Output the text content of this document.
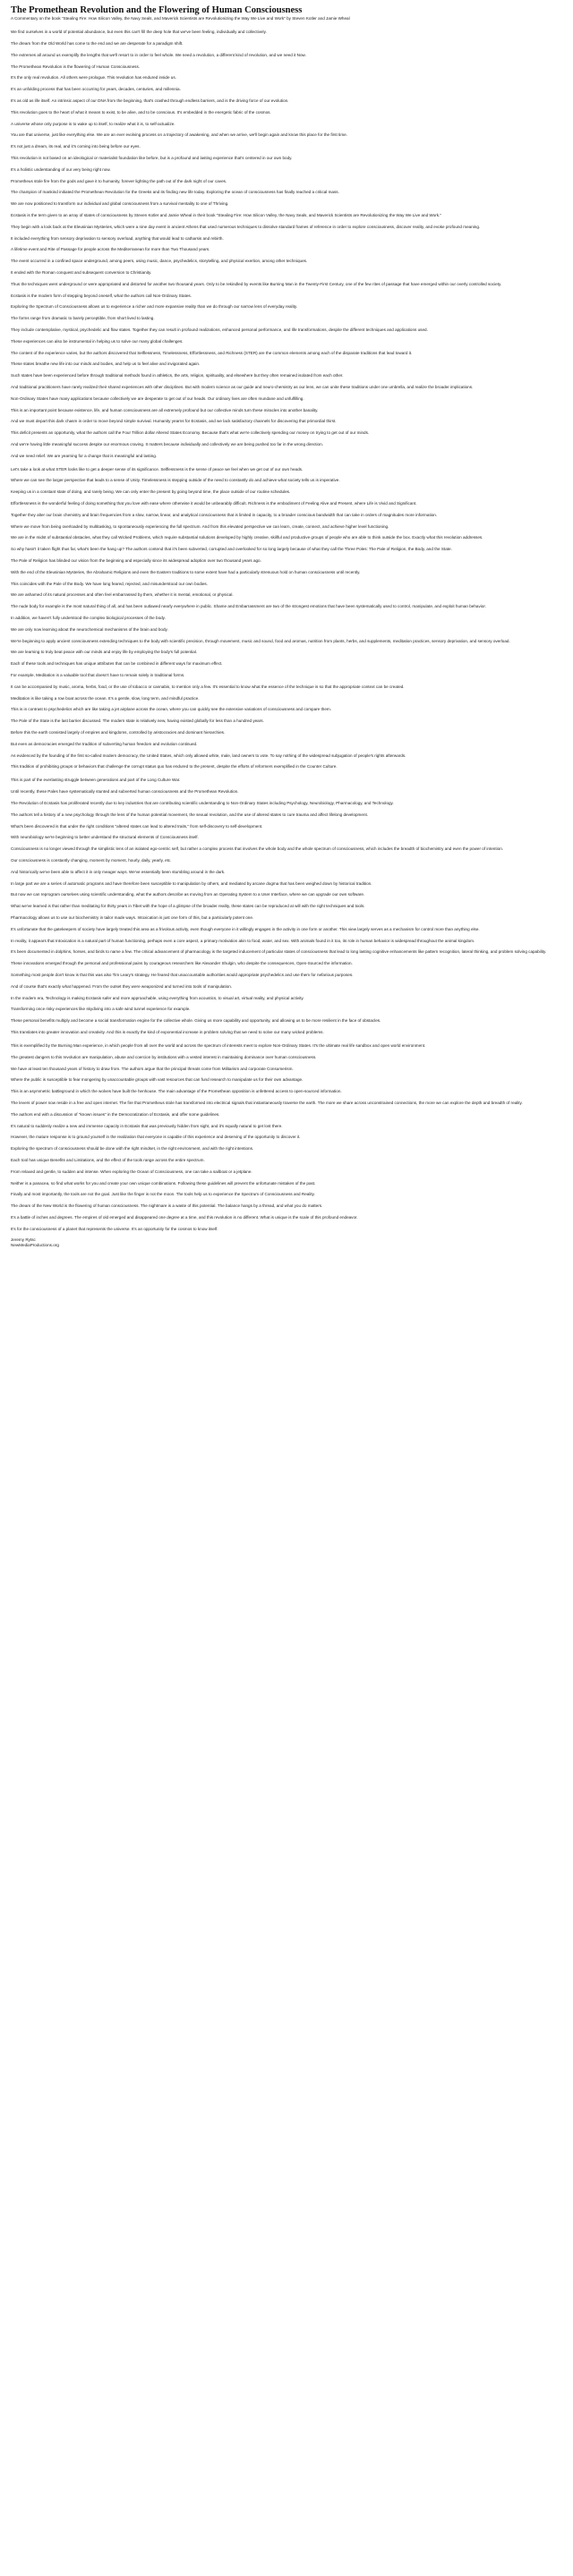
The Promethean Revolution and the Flowering of Human Consciousness
A Commentary on the book "Stealing Fire: How Silicon Valley, the Navy Seals, and Maverick Scientists are Revolutionizing the Way We Live and Work" by Steven Kotler and Jamie Wheal

We find ourselves in a world of potential abundance, but even this can't fill the deep hole that we've been feeling, individually and collectively.

The dream from the Old World has come to the end and we are desperate for a paradigm shift.

The extremes all around us exemplify the lengths that we'll resort to in order to feel whole. We need a revolution, a different kind of revolution, and we need it Now.

The Promethean Revolution is the flowering of Human Consciousness.

It's the only real revolution. All others were prologue. This revolution has endured inside us.

It's an unfolding process that has been occurring for years, decades, centuries, and millennia.

It's as old as life itself. An intrinsic aspect of our DNA from the beginning, that's crashed through endless barriers, and is the driving force of our evolution.

This revolution goes to the heart of what it means to exist, to be alive, and to be conscious. It's embedded in the energetic fabric of the cosmos.

A universe whose only purpose is to wake up to itself, to realize what it is, to self-actualize.

You are that universe, just like everything else. We are an ever evolving process on a trajectory of awakening, and when we arrive, we'll begin again and know this place for the first time.

It's not just a dream, its real, and it's coming into being before our eyes.

This revolution is not based on an ideological or materialist foundation like before, but is a profound and lasting experience that's centered in our own body.

It's a holistic understanding of our very being right now.

Prometheus stole fire from the gods and gave it to humanity, forever lighting the path out of the dark night of our caves.

The champion of mankind initiated the Promethean Revolution for the Greeks and its finding new life today. Exploring the ocean of consciousness has finally reached a critical mass.

We are now positioned to transform our individual and global consciousness from a survival mentality to one of Thriving.

Ecstasis is the term given to an array of states of consciousness by Steven Kotler and Jamie Wheal in their book "Stealing Fire: How Silicon Valley, the Navy Seals, and Maverick Scientists are Revolutionizing the Way We Live and Work."

They begin with a look back at the Eleusinian Mysteries, which were a nine day event in ancient Athens that used numerous techniques to dissolve standard frames of reference in order to explore consciousness, discover reality, and evoke profound meaning.

It included everything from sensory deprivation to sensory overload, anything that would lead to catharsis and rebirth.

A lifetime event and Rite of Passage for people across the Mediterranean for more than Two Thousand years.

The event occurred in a confined space underground, among peers, using music, dance, psychedelics, storytelling, and physical exertion, among other techniques.

It ended with the Roman conquest and subsequent conversion to Christianity.

Thus the techniques went underground or were appropriated and distorted for another two thousand years. Only to be rekindled by events like Burning Man in the Twenty-First Century, one of the few rites of passage that have emerged within our overly controlled society.

Ecstasis is the modern form of stepping beyond oneself, what the authors call Non-Ordinary States.

Exploring the Spectrum of Consciousness allows us to experience a richer and more expansive reality than we do through our narrow lens of everyday reality.

The forms range from dramatic to barely perceptible, from short lived to lasting.

They include contemplative, mystical, psychedelic and flow states. Together they can result in profound realizations, enhanced personal performance, and life transformations, despite the different techniques and applications used.

These experiences can also be instrumental in helping us to solve our many global challenges.

The content of the experience varies, but the authors discovered that Selflessness, Timelessness, Effortlessness, and Richness (STER) are the common elements among each of the disparate traditions that lead toward it.

These states breathe new life into our minds and bodies, and help us to feel alive and invigorated again.

Such states have been experienced before through traditional methods found in athletics, the arts, religion, spirituality, and elsewhere but they often remained isolated from each other.

And traditional practitioners have rarely realized their shared experiences with other disciplines. But with modern science as our guide and neuro-chemistry as our lens, we can unite these traditions under one umbrella, and realize the broader implications.

Non-Ordinary States have many applications because collectively we are desperate to get out of our heads. Our ordinary lives are often mundane and unfulfilling.

This is an important point because existence, life, and human consciousness are all extremely profound but our collective minds turn these miracles into another banality.

And we must depart this dark chasm in order to move beyond simple survival. Humanity yearns for Ecstasis, and we lack satisfactory channels for discovering that primordial thirst.

This deficit presents an opportunity, what the authors call the Four Trillion dollar Altered States Economy. Because that's what we're collectively spending our money on trying to get out of our minds.

And we're having little meaningful success despite our enormous craving. It matters because individually and collectively we are being pushed too far in the wrong direction.

And we need relief. We are yearning for a change that is meaningful and lasting.

Let's take a look at what STER looks like to get a deeper sense of its significance. Selflessness is the sense of peace we feel when we get out of our own heads.

Where we can see the larger perspective that leads to a sense of Unity. Timelessness is stepping outside of the need to constantly do and achieve what society tells us is imperative.

Keeping us in a constant state of doing, and rarely being. We can only enter the present by going beyond time, the place outside of our routine schedules.

Effortlessness is the wonderful feeling of doing something that you love with ease where otherwise it would be unbearably difficult. Richness is the embodiment of Feeling Alive and Present, where Life is Vivid and Significant.

Together they alter our brain chemistry and brain frequencies from a slow, narrow, linear, and analytical consciousness that is limited in capacity, to a broader conscious bandwidth that can take in orders of magnitudes more information.

Where we move from being overloaded by multitasking, to spontaneously experiencing the full spectrum. And from this elevated perspective we can learn, create, connect, and achieve higher level functioning.

We are in the midst of substantial obstacles, what they call Wicked Problems, which require substantial solutions developed by highly creative, skillful and productive groups of people who are able to think outside the box. Exactly what this revolution addresses.

So why hasn't it taken flight thus far, what's been the hang up? The authors contend that it's been subverted, corrupted and overlooked for so long largely because of what they call the Three Poles: The Pale of Religion, the Body, and the State.

The Pale of Religion has blinded our vision from the beginning and especially since its widespread adoption over two thousand years ago.

With the end of the Eleusinian Mysteries, the Abrahamic Religions and even the Eastern traditions to some extent have had a particularly strenuous hold on human consciousness until recently.

This coincides with the Pale of the Body. We have long feared, rejected, and misunderstood our own bodies.

We are ashamed of its natural processes and often feel embarrassed by them, whether it is mental, emotional, or physical.

The nude body for example is the most natural thing of all, and has been outlawed nearly everywhere in public. Shame and Embarrassment are two of the strongest emotions that have been systematically used to control, manipulate, and exploit human behavior.

In addition, we haven't fully understood the complex biological processes of the body.

We are only now learning about the neurochemical mechanisms of the brain and body.

We're beginning to apply ancient consciousness extending techniques to the body with scientific precision, through movement, music and sound, food and aromas, nutrition from plants, herbs, and supplements, meditation practices, sensory deprivation, and sensory overload.

We are learning to truly beat peace with our minds and enjoy life by employing the body's full potential.

Each of these tools and techniques has unique attributes that can be combined in different ways for maximum effect.

For example, Meditation is a valuable tool that doesn't have to remain solely in traditional forms.

It can be accompanied by music, aroma, herbs, food, or the use of tobacco or cannabis, to mention only a few. It's essential to know what the essence of the technique is so that the appropriate context can be created.

Meditation is like taking a row boat across the ocean. It's a gentle, slow, long term, and mindful practice.

This is in contrast to psychedelics which are like taking a jet airplane across the ocean, where you can quickly see the extensive variations of consciousness and compare them.

The Pale of the State is the last barrier discussed. The modern state is relatively new, having existed globally for less than a hundred years.

Before this the earth consisted largely of empires and kingdoms, controlled by aristocracies and dominant hierarchies.

But even as democracies emerged the tradition of subverting human freedom and evolution continued.

As evidenced by the founding of the first so-called modern democracy, the United States, which only allowed white, male, land owners to vote. To say nothing of the widespread subjugation of people's rights afterwards.

This tradition of prohibiting groups or behaviors that challenge the corrupt status quo has endured to the present, despite the efforts of reformers exemplified in the Counter Culture.

This is part of the everlasting struggle between generations and part of the Long Culture War.

Until recently, these Pales have systematically stunted and subverted human consciousness and the Promethean Revolution.

The Revolution of Ecstasis has proliferated recently due to key industries that are contributing scientific understanding to Non-Ordinary States including Psychology, Neurobiology, Pharmacology, and Technology.

The authors tell a history of a new psychology through the lens of the human potential movement, the sexual revolution, and the use of altered states to cure trauma and affect lifelong development.

What's been discovered is that under the right conditions "altered states can lead to altered traits," from self-discovery to self-development.

With neurobiology we're beginning to better understand the structural elements of Consciousness itself.

Consciousness is no longer viewed through the simplistic lens of an isolated ego-centric self, but rather a complex process that involves the whole body and the whole spectrum of consciousness, which includes the breadth of biochemistry and even the power of intention.

Our consciousness is constantly changing, moment by moment, hourly, daily, yearly, etc.

And historically we've been able to affect it in only meager ways. We've essentially been stumbling around in the dark.

In large part we are a series of automatic programs and have therefore been susceptible to manipulation by others, and mediated by arcane dogma that has been weighed down by historical tradition.

But now we can reprogram ourselves using scientific understanding, what the authors describe as moving from an Operating System to a User Interface, where we can upgrade our own software.

What we've learned is that rather than meditating for thirty years in Tibet with the hope of a glimpse of the broader reality, these states can be reproduced at will with the right techniques and tools.

Pharmacology allows us to use our biochemistry in tailor made ways. Intoxication is just one form of this, but a particularly potent one.

It's unfortunate that the gatekeepers of society have largely treated this area as a frivolous activity, even though everyone in it willingly engages in the activity in one form or another. This view largely serves as a mechanism for control more than anything else.

In reality, it appears that Intoxication is a natural part of human functioning, perhaps even a core aspect, a primary motivation akin to food, water, and sex. With animals found in it too, its role in human behavior is widespread throughout the animal kingdom.

It's been documented in dolphins, horses, and birds to name a few. The critical advancement of pharmacology is the targeted inducement of particular states of consciousness that lead to long lasting cognitive enhancements like pattern recognition, lateral thinking, and problem solving capability.

These innovations emerged through the personal and professional pains by courageous researchers like Alexander Shulgin, who despite the consequences, Open-Sourced the information.

Something most people don't know is that this was also Tim Leary's strategy. He feared that unaccountable authorities would appropriate psychedelics and use them for nefarious purposes.

And of course that's exactly what happened. From the outset they were weaponized and turned into tools of manipulation.

In the modern era, Technology is making Ecstasis safer and more approachable, using everything from acoustics, to visual art, virtual reality, and physical activity.

Transforming once risky experiences like skydiving into a safe wind tunnel experience for example.

These personal benefits multiply and become a social transformation engine for the collective whole. Giving us more capability and opportunity, and allowing us to be more resilient in the face of obstacles.

This translates into greater innovation and creativity. And this is exactly the kind of exponential increase in problem solving that we need to solve our many wicked problems.

This is exemplified by the Burning Man experience, in which people from all over the world and across the spectrum of interests meet to explore Non-Ordinary States. It's the ultimate real life sandbox and open world environment.

The greatest dangers to this revolution are manipulation, abuse and coercion by institutions with a vested interest in maintaining dominance over human consciousness.

We have at least ten thousand years of history to draw from. The authors argue that the principal threats come from Militarism and corporate Consumerism.

Where the public is susceptible to fear mongering by unaccountable groups with vast resources that can fund research to manipulate us for their own advantage.

This is an asymmetric battleground in which the wolves have built the henhouse. The main advantage of the Promethean opposition is unfettered access to open-sourced information.

The levers of power now reside in a free and open internet. The fire that Prometheus stole has transformed into electrical signals that instantaneously traverse the earth. The more we share across unconstrained connections, the more we can explore the depth and breadth of reality.

The authors end with a discussion of "known issues" in the Democratization of Ecstasis, and offer some guidelines.

It's natural to suddenly realize a new and immense capacity in Ecstasis that was previously hidden from sight, and it's equally natural to get lost there.

However, the mature response is to ground yourself in the realization that everyone is capable of this experience and deserving of the opportunity to discover it.

Exploring the spectrum of consciousness should be done with the right mindset, in the right environment, and with the right intentions.

Each tool has unique Benefits and Limitations, and the effect of the tools range across the entire spectrum.

From relaxed and gentle, to sudden and intense. When exploring the Ocean of Consciousness, one can take a sailboat or a jetplane.

Neither is a panacea, so find what works for you and create your own unique combinations. Following these guidelines will prevent the unfortunate mistakes of the past.

Finally and most importantly, the tools are not the goal. Just like the finger is not the moon. The tools help us to experience the Spectrum of Consciousness and Reality.

The dream of the New World is the flowering of human consciousness. The nightmare is a waste of this potential. The balance hangs by a thread, and what you do matters.

It's a battle of inches and degrees. The empires of old emerged and disappeared one degree at a time, and this revolution is no different. What is unique is the scale of this profound endeavor.

It's for the consciousness of a planet that represents the universe. It's an opportunity for the cosmos to know itself.

Jeremy Rytsc
NewMediaProductions.org
